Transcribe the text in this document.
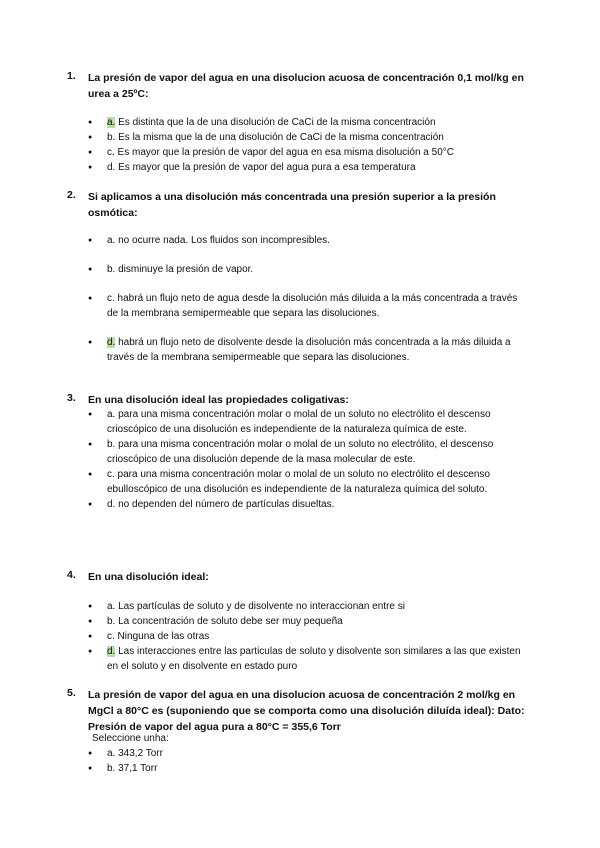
1. La presión de vapor del agua en una disolucion acuosa de concentración 0,1 mol/kg en urea a 25ºC:
● a. Es distinta que la de una disolución de CaCi de la misma concentración
● b. Es la misma que la de una disolución de CaCi de la misma concentración
● c. Es mayor que la presión de vapor del agua en esa misma disolución a 50°C
● d. Es mayor que la presión de vapor del agua pura a esa temperatura
2. Si aplicamos a una disolución más concentrada una presión superior a la presión osmótica:
● a. no ocurre nada. Los fluidos son incompresibles.
● b. disminuye la presión de vapor.
● c. habrá un flujo neto de agua desde la disolución más diluida a la más concentrada a través de la membrana semipermeable que separa las disoluciones.
● d. habrá un flujo neto de disolvente desde la disolución más concentrada a la más diluida a través de la membrana semipermeable que separa las disoluciones.
3. En una disolución ideal las propiedades coligativas:
● a. para una misma concentración molar o molal de un soluto no electrólito el descenso crioscópico de una disolución es independiente de la naturaleza química de este.
● b. para una misma concentración molar o molal de un soluto no electrólito, el descenso crioscópico de una disolución depende de la masa molecular de este.
● c. para una misma concentración molar o molal de un soluto no electrólito el descenso ebulloscópico de una disolución es independiente de la naturaleza química del soluto.
● d. no dependen del número de partículas disueltas.
4. En una disolución ideal:
● a. Las partículas de soluto y de disolvente no interaccionan entre si
● b. La concentración de soluto debe ser muy pequeña
● c. Ninguna de las otras
● d. Las interacciones entre las particulas de soluto y disolvente son similares a las que existen en el soluto y en disolvente en estado puro
5. La presión de vapor del agua en una disolucion acuosa de concentración 2 mol/kg en MgCl a 80°C es (suponiendo que se comporta como una disolución diluída ideal): Dato: Presión de vapor del agua pura a 80°C = 355,6 Torr
Seleccione unha:
● a. 343,2 Torr
● b. 37,1 Torr
